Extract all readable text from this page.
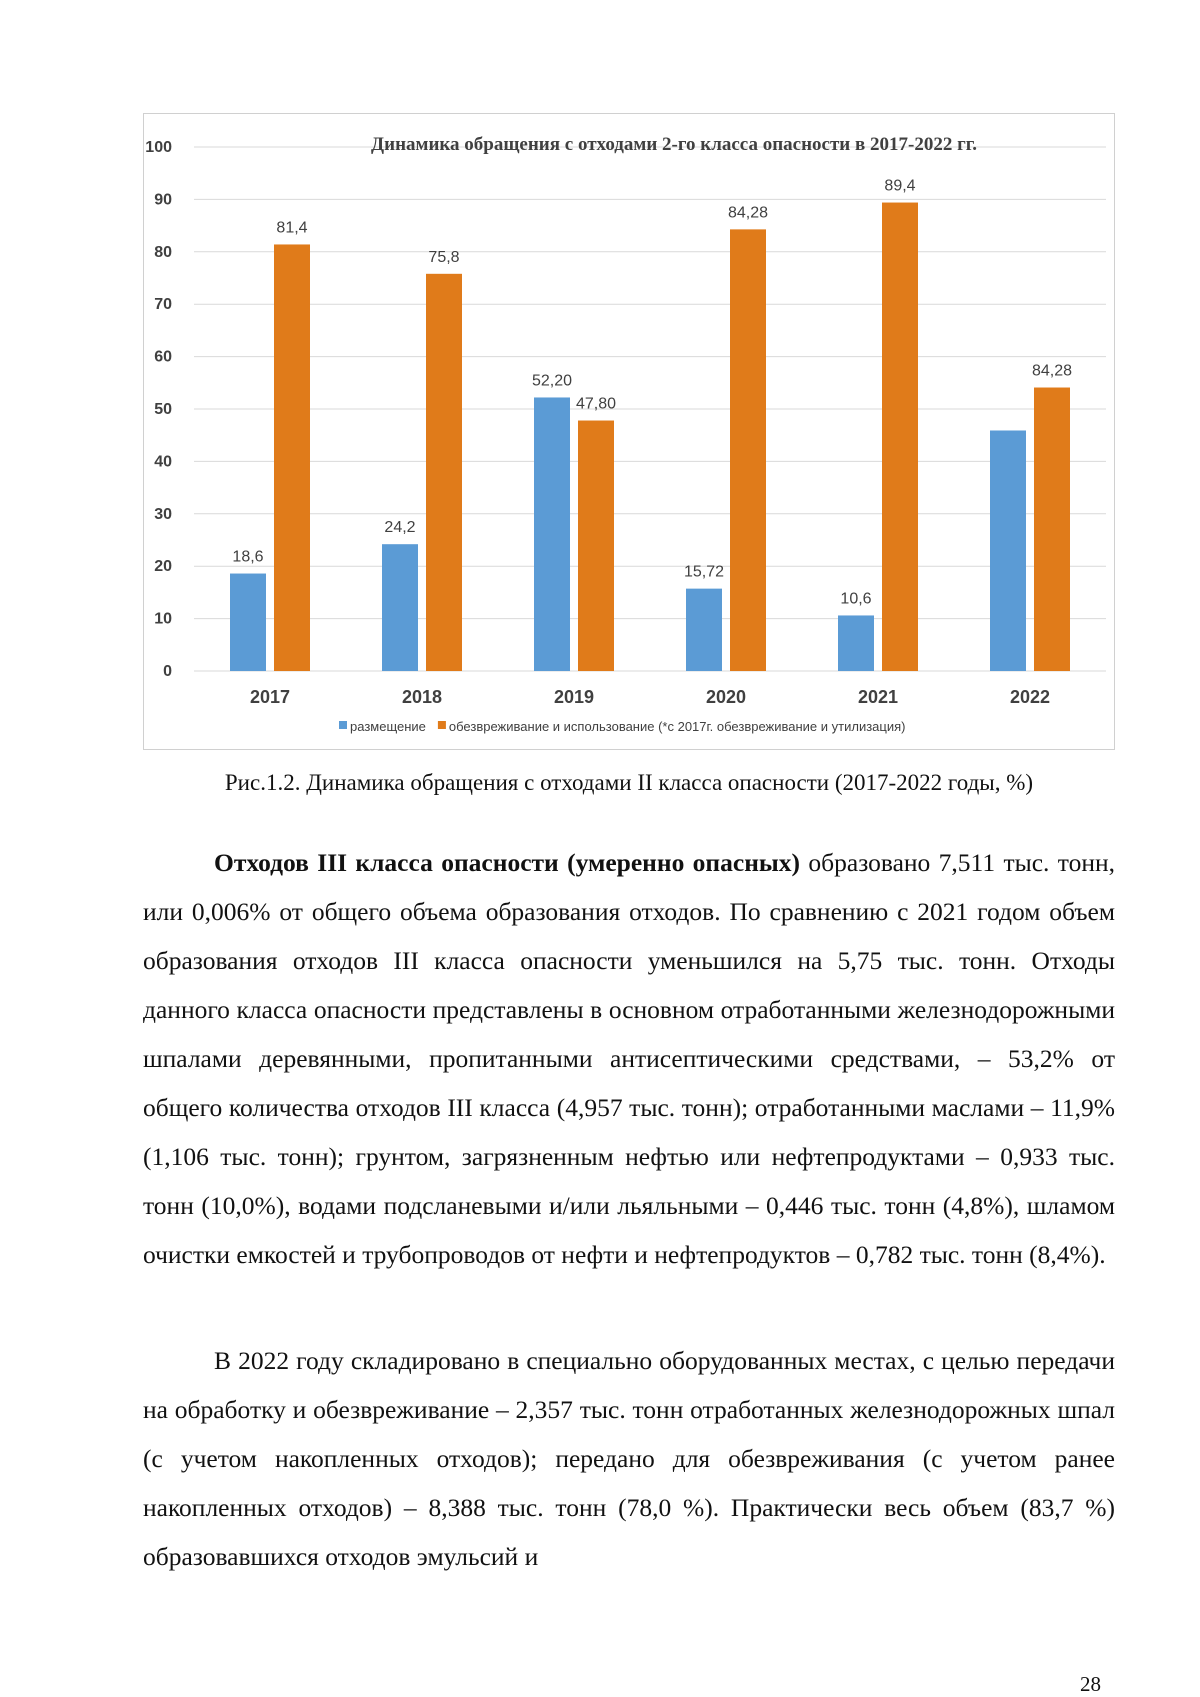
0
10
20
30
40
50
60
70
80
90
100	Динамика обращения с отходами 2-го класса опасности в 2017-2022 гг.
18,6
81,4
2017
24,2
75,8
2018
52,20
47,80
2019
15,72
84,28
2020
10,6
89,4
2021
84,28
2022
размещение обезвреживание и использование (*с 2017г. обезвреживание и утилизация)
Рис.1.2. Динамика обращения с отходами II класса опасности (2017-2022 годы, %)

Отходов III класса опасности (умеренно опасных) образовано 7,511 тыс. тонн, или 0,006% от общего объема образования отходов. По сравнению с 2021 годом объем образования отходов III класса опасности уменьшился на 5,75 тыс. тонн. Отходы данного класса опасности представлены в основном отработанными железнодорожными шпалами деревянными, пропитанными антисептическими средствами, – 53,2% от общего количества отходов III класса (4,957 тыс. тонн); отработанными маслами – 11,9% (1,106 тыс. тонн); грунтом, загрязненным нефтью или нефтепродуктами – 0,933 тыс. тонн (10,0%), водами подсланевыми и/или льяльными – 0,446 тыс. тонн (4,8%), шламом очистки емкостей и трубопроводов от нефти и нефтепродуктов – 0,782 тыс. тонн (8,4%).

В 2022 году складировано в специально оборудованных местах, с целью передачи на обработку и обезвреживание – 2,357 тыс. тонн отработанных железнодорожных шпал (с учетом накопленных отходов); передано для обезвреживания (с учетом ранее накопленных отходов) – 8,388 тыс. тонн (78,0 %). Практически весь объем (83,7 %) образовавшихся отходов эмульсий и

28
